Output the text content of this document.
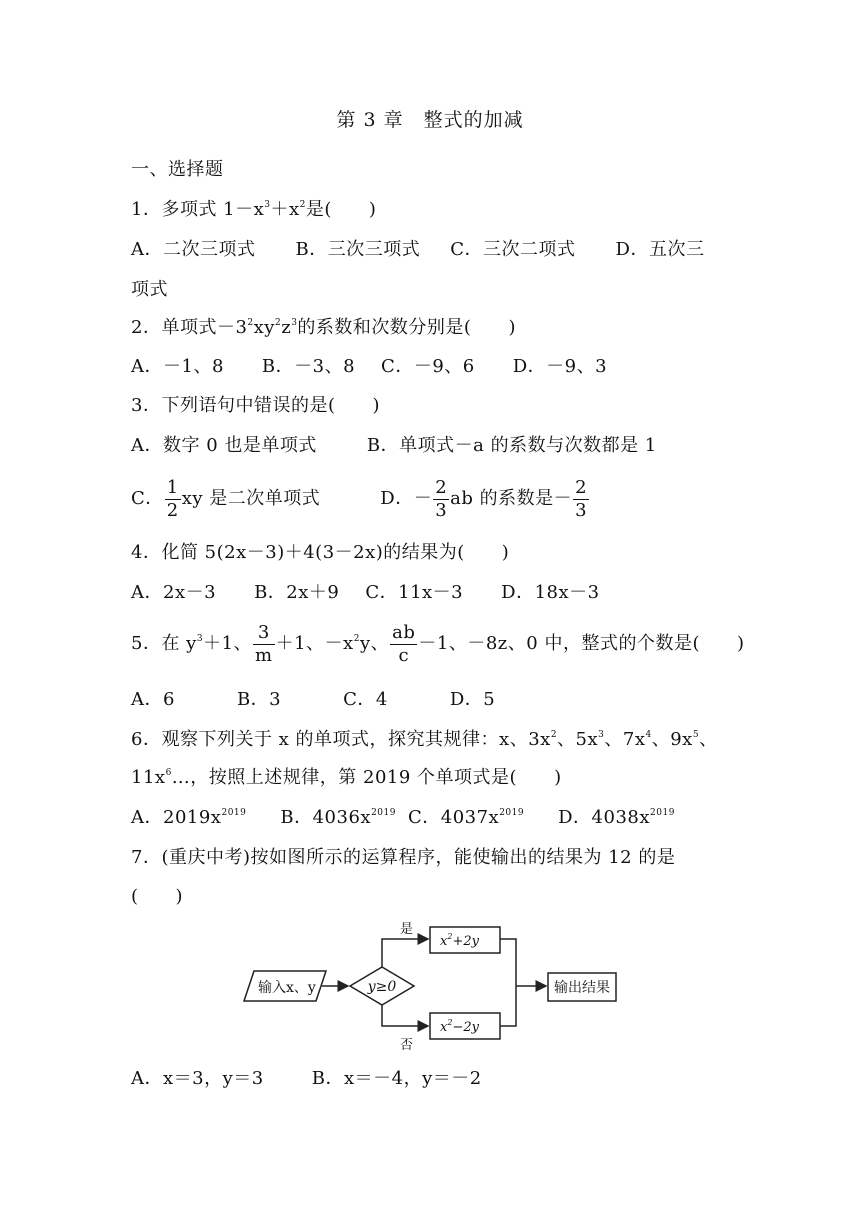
第 3 章　整式的加减
一、选择题
1．多项式 $1-x^3+x^2$是(　　)
A．二次三项式 B．三次三项式 C．三次二项式 D．五次三
项式
2．单项式$-3^2xy^2z^3$的系数和次数分别是(　　)
A．－1、8 B．－3、8 C．－9、6 D．－9、3
3．下列语句中错误的是(　　)
A．数字 0 也是单项式	B．单项式－a 的系数与次数都是 1
C． $\frac{1}{2}$ xy 是二次单项式	D．－ $\frac{2}{3}$ ab 的系数是－ $\frac{2}{3}$
4．化简 5(2x－3)＋4(3－2x)的结果为(　　)
A．2x－3 B．2x＋9 C．11x－3 D．18x－3
5．在 $y^3+1$、 $\frac{3}{m} +1$、$-x^2y$、 $\frac{ab}{c} -1$、－8z、0 中，整式的个数是(　　)
A．6	B．3	C．4	D．5
6．观察下列关于 x 的单项式，探究其规律：x、$3x^2$、$5x^3$、$7x^4$、$9x^5$、
$11x^6\dots$，按照上述规律，第 2019 个单项式是(　　)
A．$2019x^{2019}$ B．$4036x^{2019}$ C．$4037x^{2019}$ D．$4038x^{2019}$
7．(重庆中考)按如图所示的运算程序，能使输出的结果为 12 的是
(　　)
输入x、y	y≥0
是
$x^2+2y$
否
$x^2-2y$
输出结果
A．x＝3，y＝3	B．x＝－4，y＝－2
